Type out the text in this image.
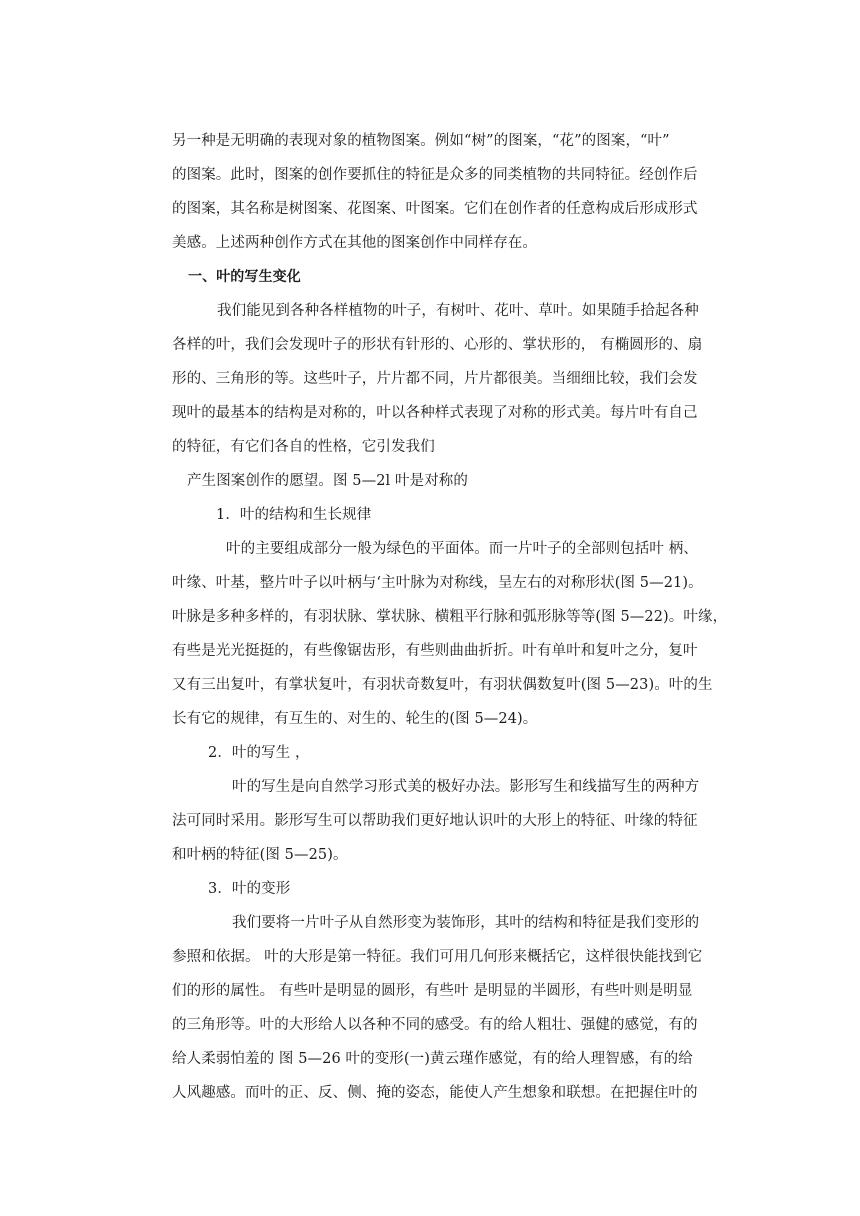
另一种是无明确的表现对象的植物图案。例如“树”的图案，“花”的图案，“叶”
的图案。此时，图案的创作要抓住的特征是众多的同类植物的共同特征。经创作后
的图案，其名称是树图案、花图案、叶图案。它们在创作者的任意构成后形成形式
美感。上述两种创作方式在其他的图案创作中同样存在。
一、叶的写生变化
我们能见到各种各样植物的叶子，有树叶、花叶、草叶。如果随手拾起各种
各样的叶，我们会发现叶子的形状有针形的、心形的、掌状形的， 有椭圆形的、扇
形的、三角形的等。这些叶子，片片都不同，片片都很美。当细细比较，我们会发
现叶的最基本的结构是对称的，叶以各种样式表现了对称的形式美。每片叶有自己
的特征，有它们各自的性格，它引发我们
产生图案创作的愿望。图 5—2l 叶是对称的
1．叶的结构和生长规律
叶的主要组成部分一般为绿色的平面体。而一片叶子的全部则包括叶 柄、
叶缘、叶基，整片叶子以叶柄与‘主叶脉为对称线，呈左右的对称形状(图 5—21)。
叶脉是多种多样的，有羽状脉、掌状脉、横粗平行脉和弧形脉等等(图 5—22)。叶缘，
有些是光光挺挺的，有些像锯齿形，有些则曲曲折折。叶有单叶和复叶之分，复叶
又有三出复叶，有掌状复叶，有羽状奇数复叶，有羽状偶数复叶(图 5—23)。叶的生
长有它的规律，有互生的、对生的、轮生的(图 5—24)。
2．叶的写生 ，
叶的写生是向自然学习形式美的极好办法。影形写生和线描写生的两种方
法可同时采用。影形写生可以帮助我们更好地认识叶的大形上的特征、叶缘的特征
和叶柄的特征(图 5—25)。
3．叶的变形
我们要将一片叶子从自然形变为装饰形，其叶的结构和特征是我们变形的
参照和依据。 叶的大形是第一特征。我们可用几何形来概括它，这样很快能找到它
们的形的属性。 有些叶是明显的圆形，有些叶 是明显的半圆形，有些叶则是明显
的三角形等。叶的大形给人以各种不同的感受。有的给人粗壮、强健的感觉，有的
给人柔弱怕羞的 图 5—26 叶的变形(一)黄云瑾作感觉，有的给人理智感，有的给
人风趣感。而叶的正、反、侧、掩的姿态，能使人产生想象和联想。在把握住叶的
